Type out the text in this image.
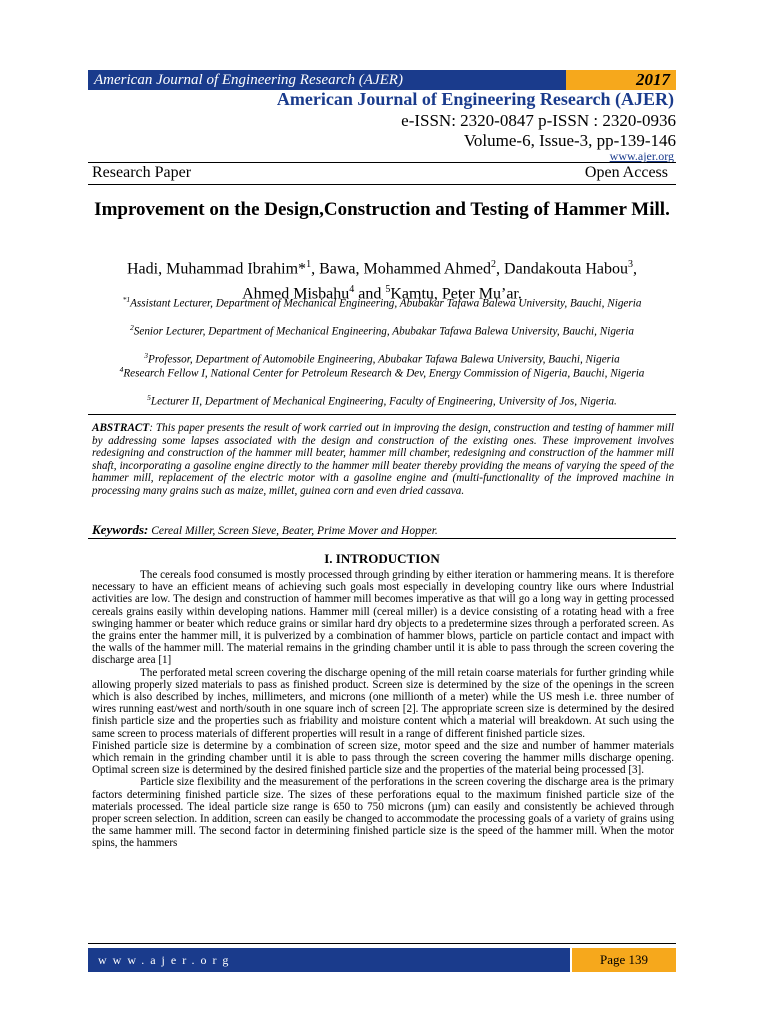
American Journal of Engineering Research (AJER)	2017
American Journal of Engineering Research (AJER)
e-ISSN: 2320-0847 p-ISSN : 2320-0936
Volume-6, Issue-3, pp-139-146
www.ajer.org
Research Paper	Open Access
Improvement on the Design,Construction and Testing of Hammer Mill.
Hadi, Muhammad Ibrahim*$^1$, Bawa, Mohammed Ahmed$^2$, Dandakouta Habou$^3$,
Ahmed Misbahu$^4$ and $^5$Kamtu, Peter Mu’ar.
$^{*1}$Assistant Lecturer, Department of Mechanical Engineering, Abubakar Tafawa Balewa University, Bauchi, Nigeria
$^2$Senior Lecturer, Department of Mechanical Engineering, Abubakar Tafawa Balewa University, Bauchi, Nigeria
$^3$Professor, Department of Automobile Engineering, Abubakar Tafawa Balewa University, Bauchi, Nigeria
$^4$Research Fellow I, National Center for Petroleum Research & Dev, Energy Commission of Nigeria, Bauchi, Nigeria
$^5$Lecturer II, Department of Mechanical Engineering, Faculty of Engineering, University of Jos, Nigeria.
ABSTRACT: This paper presents the result of work carried out in improving the design, construction and testing of hammer mill by addressing some lapses associated with the design and construction of the existing ones. These improvement involves redesigning and construction of the hammer mill beater, hammer mill chamber, redesigning and construction of the hammer mill shaft, incorporating a gasoline engine directly to the hammer mill beater thereby providing the means of varying the speed of the hammer mill, replacement of the electric motor with a gasoline engine and (multi-functionality of the improved machine in processing many grains such as maize, millet, guinea corn and even dried cassava.
Keywords: Cereal Miller, Screen Sieve, Beater, Prime Mover and Hopper.
I. INTRODUCTION

The cereals food consumed is mostly processed through grinding by either iteration or hammering means. It is therefore necessary to have an efficient means of achieving such goals most especially in developing country like ours where Industrial activities are low. The design and construction of hammer mill becomes imperative as that will go a long way in getting processed cereals grains easily within developing nations. Hammer mill (cereal miller) is a device consisting of a rotating head with a free swinging hammer or beater which reduce grains or similar hard dry objects to a predetermine sizes through a perforated screen. As the grains enter the hammer mill, it is pulverized by a combination of hammer blows, particle on particle contact and impact with the walls of the hammer mill. The material remains in the grinding chamber until it is able to pass through the screen covering the discharge area [1]

The perforated metal screen covering the discharge opening of the mill retain coarse materials for further grinding while allowing properly sized materials to pass as finished product. Screen size is determined by the size of the openings in the screen which is also described by inches, millimeters, and microns (one millionth of a meter) while the US mesh i.e. three number of wires running east/west and north/south in one square inch of screen [2]. The appropriate screen size is determined by the desired finish particle size and the properties such as friability and moisture content which a material will breakdown. At such using the same screen to process materials of different properties will result in a range of different finished particle sizes.

Finished particle size is determine by a combination of screen size, motor speed and the size and number of hammer materials which remain in the grinding chamber until it is able to pass through the screen covering the hammer mills discharge opening. Optimal screen size is determined by the desired finished particle size and the properties of the material being processed [3].

Particle size flexibility and the measurement of the perforations in the screen covering the discharge area is the primary factors determining finished particle size. The sizes of these perforations equal to the maximum finished particle size of the materials processed. The ideal particle size range is 650 to 750 microns (µm) can easily and consistently be achieved through proper screen selection. In addition, screen can easily be changed to accommodate the processing goals of a variety of grains using the same hammer mill. The second factor in determining finished particle size is the speed of the hammer mill. When the motor spins, the hammers

www.ajer.org	Page 139
